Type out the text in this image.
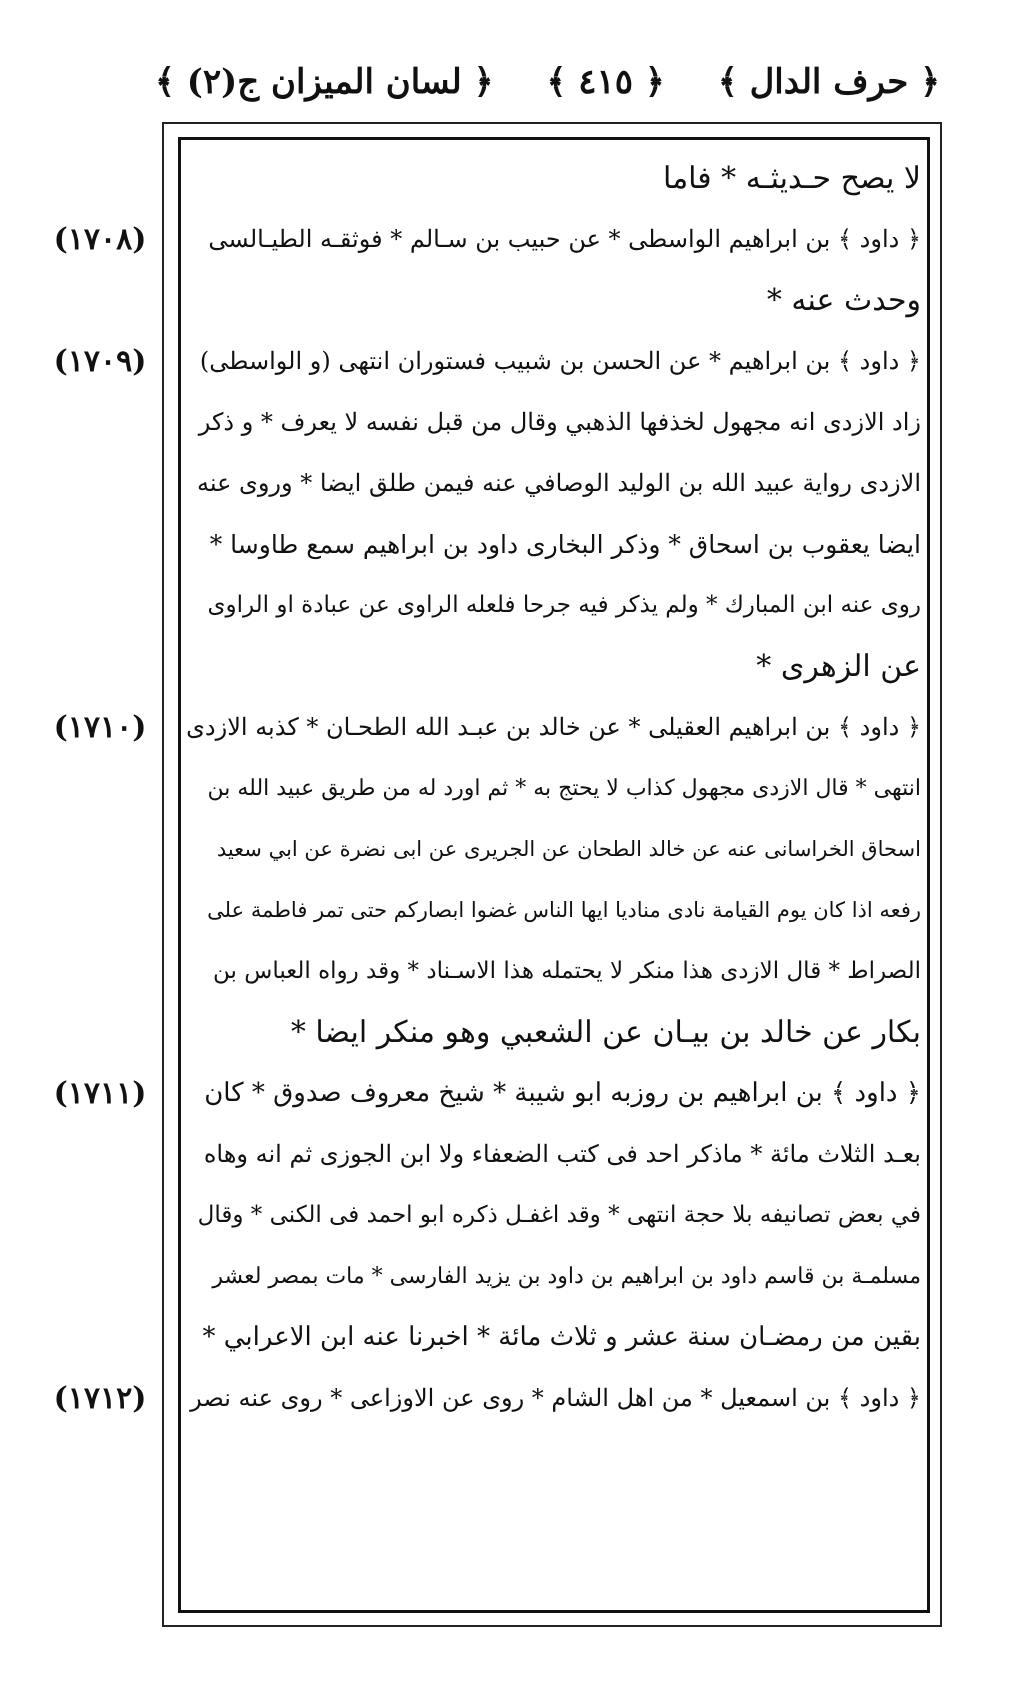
﴿ حرف الدال ﴾
﴿ ٤١٥ ﴾
﴿ لسان الميزان ج(٢) ﴾
لا يصح حـديثـه * فاما
﴿ داود ﴾ بن ابراهيم الواسطى * عن حبيب بن سـالم * فوثقـه الطيـالسى
وحدث عنه *
﴿ داود ﴾ بن ابراهيم * عن الحسن بن شبيب فستوران انتهى (و الواسطى)
زاد الازدى انه مجهول لخذفها الذهبي وقال من قبل نفسه لا يعرف * و ذكر
الازدى رواية عبيد الله بن الوليد الوصافي عنه فيمن طلق ايضا * وروى عنه
ايضا يعقوب بن اسحاق * وذكر البخارى داود بن ابراهيم سمع طاوسا *
روى عنه ابن المبارك * ولم يذكر فيه جرحا فلعله الراوى عن عبادة او الراوى
عن الزهرى *
﴿ داود ﴾ بن ابراهيم العقيلى * عن خالد بن عبـد الله الطحـان * كذبه الازدى
انتهى * قال الازدى مجهول كذاب لا يحتج به * ثم اورد له من طريق عبيد الله بن
اسحاق الخراسانى عنه عن خالد الطحان عن الجريرى عن ابى نضرة عن ابي سعيد
رفعه اذا كان يوم القيامة نادى مناديا ايها الناس غضوا ابصاركم حتى تمر فاطمة على
الصراط * قال الازدى هذا منكر لا يحتمله هذا الاسـناد * وقد رواه العباس بن
بكار عن خالد بن بيـان عن الشعبي وهو منكر ايضا *
﴿ داود ﴾ بن ابراهيم بن روزبه ابو شيبة * شيخ معروف صدوق * كان
بعـد الثلاث مائة * ماذكر احد فى كتب الضعفاء ولا ابن الجوزى ثم انه وهاه
في بعض تصانيفه بلا حجة انتهى * وقد اغفـل ذكره ابو احمد فى الكنى * وقال
مسلمـة بن قاسم داود بن ابراهيم بن داود بن يزيد الفارسى * مات بمصر لعشر
بقين من رمضـان سنة عشر و ثلاث مائة * اخبرنا عنه ابن الاعرابي *
﴿ داود ﴾ بن اسمعيل * من اهل الشام * روى عن الاوزاعى * روى عنه نصر
(١٧٠٨)
(١٧٠٩)
(١٧١٠)
(١٧١١)
(١٧١٢)
